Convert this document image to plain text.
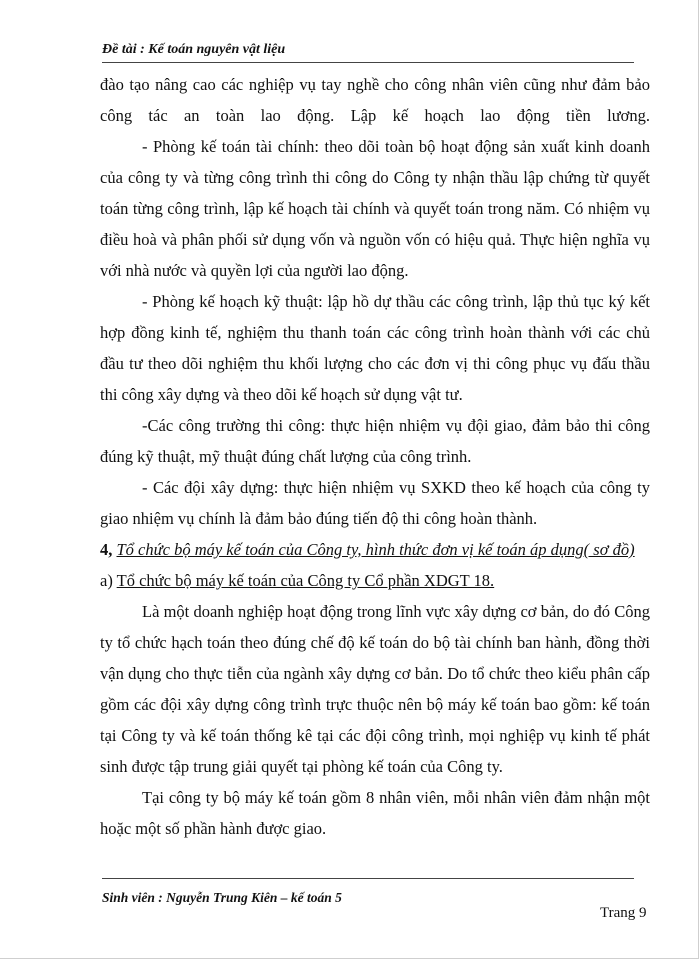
Đề tài : Kế toán nguyên vật liệu

đào tạo nâng cao các nghiệp vụ tay nghề cho công nhân viên cũng như đảm bảo công tác an toàn lao động. Lập kế hoạch lao động tiền lương.

- Phòng kế toán tài chính: theo dõi toàn bộ hoạt động sản xuất kinh doanh của công ty và từng công trình thi công do Công ty nhận thầu lập chứng từ quyết toán từng công trình, lập kế hoạch tài chính và quyết toán trong năm. Có nhiệm vụ điều hoà và phân phối sử dụng vốn và nguồn vốn có hiệu quả. Thực hiện nghĩa vụ với nhà nước và quyền lợi của người lao động.

- Phòng kế hoạch kỹ thuật: lập hồ dự thầu các công trình, lập thủ tục ký kết hợp đồng kinh tế, nghiệm thu thanh toán các công trình hoàn thành với các chủ đầu tư theo dõi nghiệm thu khối lượng cho các đơn vị thi công phục vụ đấu thầu thi công xây dựng và theo dõi kế hoạch sử dụng vật tư.

-Các công trường thi công: thực hiện nhiệm vụ đội giao, đảm bảo thi công đúng kỹ thuật, mỹ thuật đúng chất lượng của công trình.

- Các đội xây dựng: thực hiện nhiệm vụ SXKD theo kế hoạch của công ty giao nhiệm vụ chính là đảm bảo đúng tiến độ thi công hoàn thành.

4, Tổ chức bộ máy kế toán của Công ty, hình thức đơn vị kế toán áp dụng( sơ đồ)

a) Tổ chức bộ máy kế toán của Công ty Cổ phần XDGT 18.

Là một doanh nghiệp hoạt động trong lĩnh vực xây dựng cơ bản, do đó Công ty tổ chức hạch toán theo đúng chế độ kế toán do bộ tài chính ban hành, đồng thời vận dụng cho thực tiễn của ngành xây dựng cơ bản. Do tổ chức theo kiểu phân cấp gồm các đội xây dựng công trình trực thuộc nên bộ máy kế toán bao gồm: kế toán tại Công ty và kế toán thống kê tại các đội công trình, mọi nghiệp vụ kinh tế phát sinh được tập trung giải quyết tại phòng kế toán của Công ty.

Tại công ty bộ máy kế toán gồm 8 nhân viên, mỗi nhân viên đảm nhận một hoặc một số phần hành được giao.

Sinh viên : Nguyễn Trung Kiên – kế toán 5
Trang 9
